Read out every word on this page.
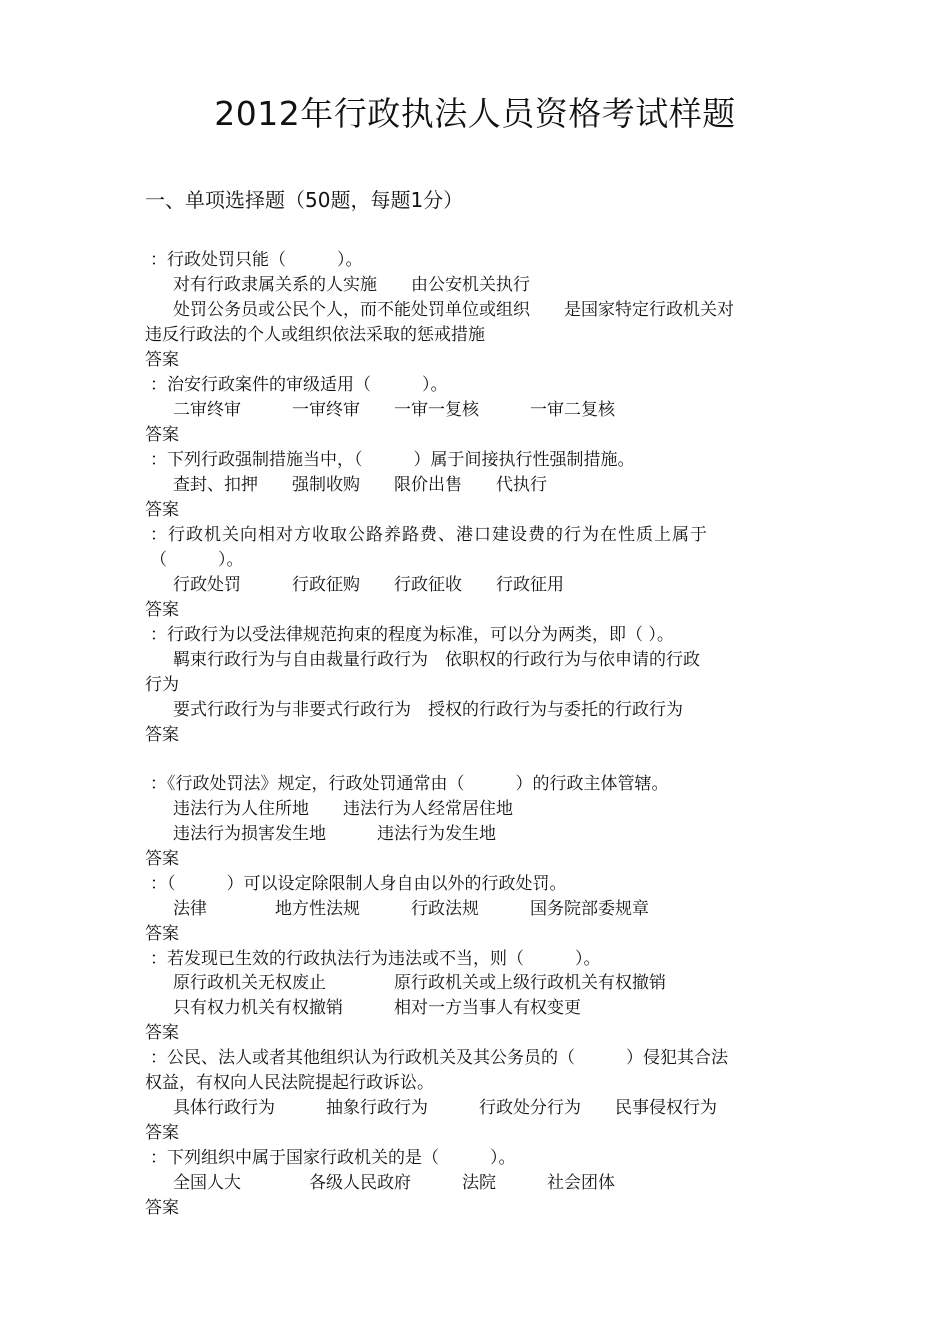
2012年行政执法人员资格考试样题
一、单项选择题（50题，每题1分）
：行政处罚只能（　　　）。
对有行政隶属关系的人实施　　由公安机关执行
处罚公务员或公民个人，而不能处罚单位或组织　　是国家特定行政机关对
违反行政法的个人或组织依法采取的惩戒措施
答案
：治安行政案件的审级适用（　　　）。
二审终审　　　一审终审　　一审一复核　　　一审二复核
答案
：下列行政强制措施当中，（　　　）属于间接执行性强制措施。
查封、扣押　　强制收购　　限价出售　　代执行
答案
：行政机关向相对方收取公路养路费、港口建设费的行为在性质上属于
（　　　）。
行政处罚　　　行政征购　　行政征收　　行政征用
答案
：行政行为以受法律规范拘束的程度为标准，可以分为两类，即（ ）。
羁束行政行为与自由裁量行政行为　依职权的行政行为与依申请的行政
行为
要式行政行为与非要式行政行为　授权的行政行为与委托的行政行为
答案
：《行政处罚法》规定，行政处罚通常由（　　　）的行政主体管辖。
违法行为人住所地　　违法行为人经常居住地
违法行为损害发生地　　　违法行为发生地
答案
：（　　　）可以设定除限制人身自由以外的行政处罚。
法律　　　　地方性法规　　　行政法规　　　国务院部委规章
答案
：若发现已生效的行政执法行为违法或不当，则（　　　）。
原行政机关无权废止　　　　原行政机关或上级行政机关有权撤销
只有权力机关有权撤销　　　相对一方当事人有权变更
答案
：公民、法人或者其他组织认为行政机关及其公务员的（　　　）侵犯其合法
权益，有权向人民法院提起行政诉讼。
具体行政行为　　　抽象行政行为　　　行政处分行为　　民事侵权行为
答案
：下列组织中属于国家行政机关的是（　　　）。
全国人大　　　　各级人民政府　　　法院　　　社会团体
答案
